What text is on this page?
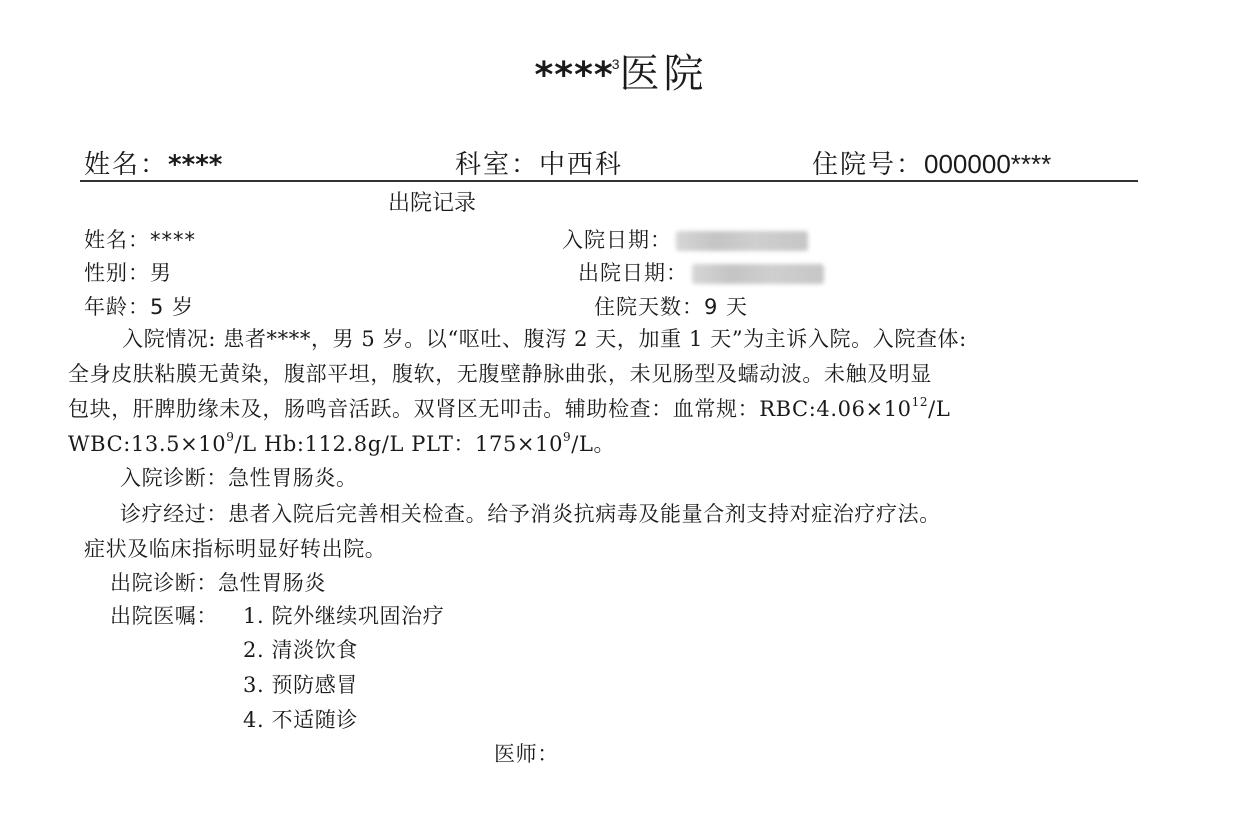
****$^3$医院
姓名：****	科室：中西科	住院号：000000****
出院记录
姓名：****
性别：男
年龄：5 岁
入院日期：
出院日期：
住院天数：9 天
入院情况: 患者****，男 5 岁。以“呕吐、腹泻 2 天，加重 1 天”为主诉入院。入院查体:
全身皮肤粘膜无黄染，腹部平坦，腹软，无腹壁静脉曲张，未见肠型及蠕动波。未触及明显
包块，肝脾肋缘未及，肠鸣音活跃。双肾区无叩击。辅助检查：血常规：$RBC:4.06\times 10^{12}/L$
$WBC:13.5\times 10^9/L$ Hb:112.8g/L PLT：$175\times 10^9/L$。
入院诊断：急性胃肠炎。
诊疗经过：患者入院后完善相关检查。给予消炎抗病毒及能量合剂支持对症治疗疗法。
症状及临床指标明显好转出院。
出院诊断：急性胃肠炎
出院医嘱： 1. 院外继续巩固治疗
2. 清淡饮食
3. 预防感冒
4. 不适随诊
医师：
